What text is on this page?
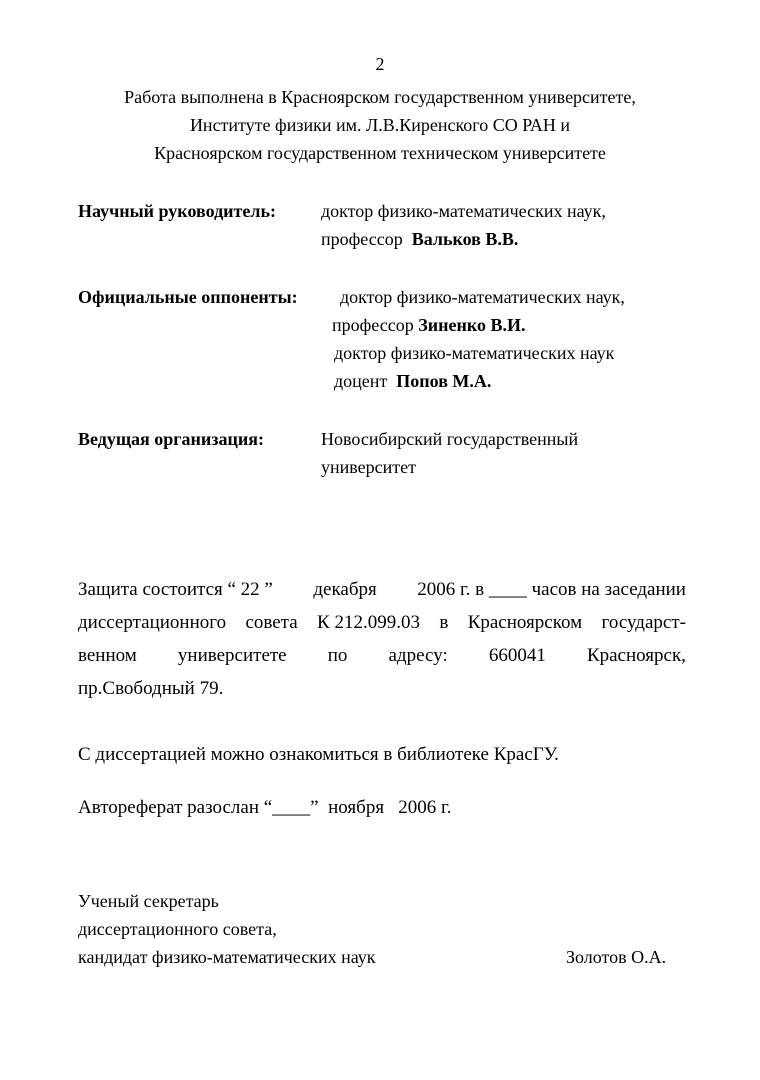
2
Работа выполнена в Красноярском государственном университете,
Институте физики им. Л.В.Киренского СО РАН и
Красноярском государственном техническом университете
Научный руководитель:	доктор физико-математических наук,
профессор Вальков В.В.
Официальные оппоненты: доктор физико-математических наук,
профессор Зиненко В.И.
доктор физико-математических наук
доцент Попов М.А.
Ведущая организация:	Новосибирский государственный
университет
Защита состоится “ 22 ” декабря 2006 г. в ____ часов на заседании
диссертационного совета К 212.099.03 в Красноярском государст-
венном университете по адресу: 660041 Красноярск,
пр.Свободный 79.
С диссертацией можно ознакомиться в библиотеке КрасГУ.
Автореферат разослан “____”  ноября   2006 г.
Ученый секретарь
диссертационного совета,
кандидат физико-математических наук	Золотов О.А.
